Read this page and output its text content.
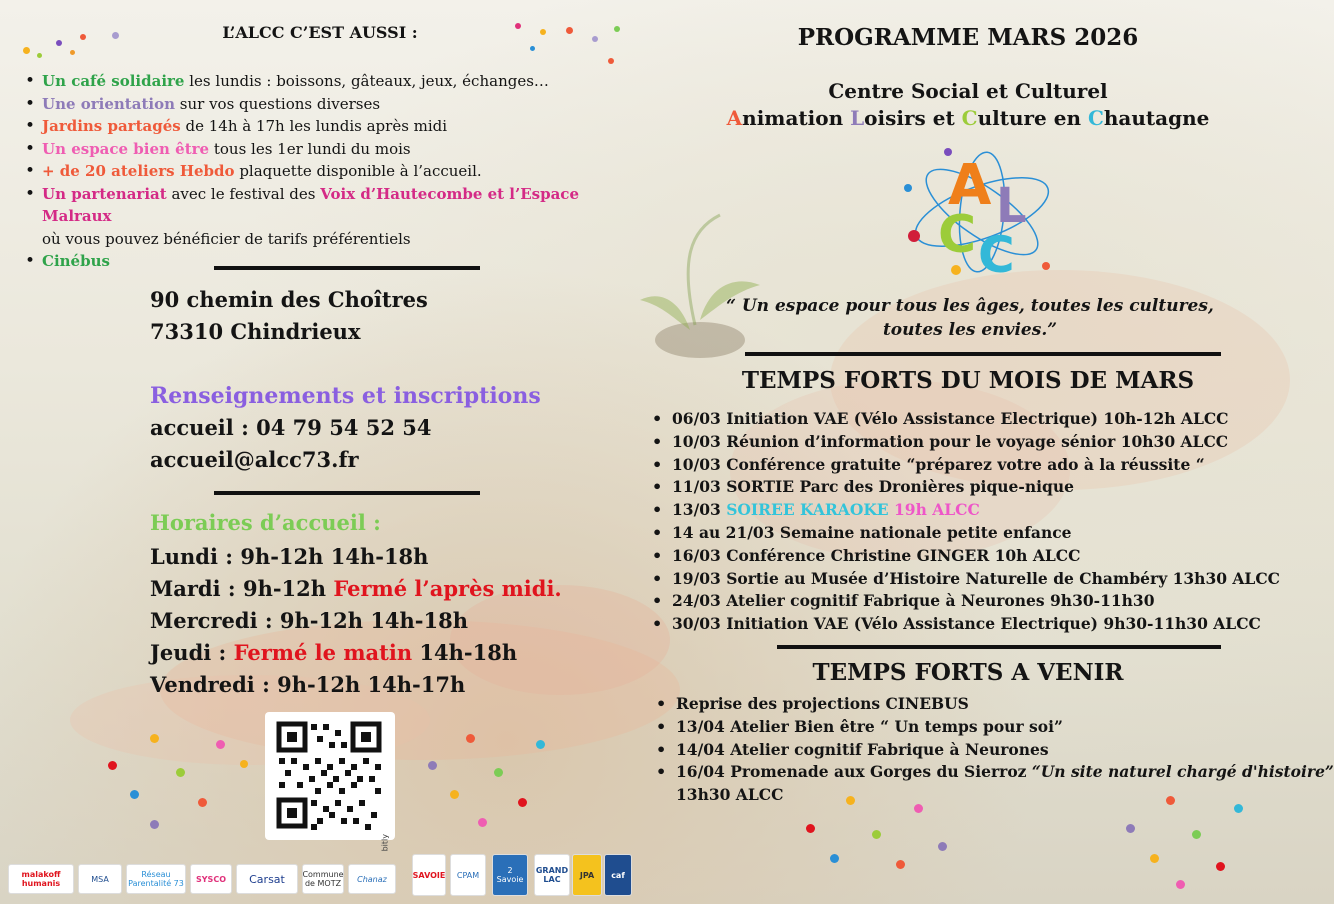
L’ALCC C’EST AUSSI :
• Un café solidaire les lundis : boissons, gâteaux, jeux, échanges…
• Une orientation sur vos questions diverses
• Jardins partagés de 14h à 17h les lundis après midi
• Un espace bien être tous les 1er lundi du mois
• + de 20 ateliers Hebdo plaquette disponible à l’accueil.
• Un partenariat avec le festival des Voix d’Hautecombe et l’Espace Malraux
où vous pouvez bénéficier de tarifs préférentiels
• Cinébus
90 chemin des Choîtres
73310 Chindrieux
Renseignements et inscriptions
accueil : 04 79 54 52 54
accueil@alcc73.fr
Horaires d’accueil :
Lundi : 9h-12h 14h-18h
Mardi : 9h-12h Fermé l’après midi.
Mercredi : 9h-12h 14h-18h
Jeudi : Fermé le matin 14h-18h
Vendredi : 9h-12h 14h-17h
bitly
PROGRAMME MARS 2026
Centre Social et Culturel
Animation Loisirs et Culture en Chautagne
A L
C C
“ Un espace pour tous les âges, toutes les cultures,
toutes les envies.”
TEMPS FORTS DU MOIS DE MARS
• 06/03 Initiation VAE (Vélo Assistance Electrique) 10h-12h ALCC
• 10/03 Réunion d’information pour le voyage sénior 10h30 ALCC
• 10/03 Conférence gratuite “préparez votre ado à la réussite “
• 11/03 SORTIE Parc des Dronières pique-nique
• 13/03 SOIREE KARAOKE 19h ALCC
• 14 au 21/03 Semaine nationale petite enfance
• 16/03 Conférence Christine GINGER 10h ALCC
• 19/03 Sortie au Musée d’Histoire Naturelle de Chambéry 13h30 ALCC
• 24/03 Atelier cognitif Fabrique à Neurones 9h30-11h30
• 30/03 Initiation VAE (Vélo Assistance Electrique) 9h30-11h30 ALCC
TEMPS FORTS A VENIR
• Reprise des projections CINEBUS
• 13/04 Atelier Bien être “ Un temps pour soi”
• 14/04 Atelier cognitif Fabrique à Neurones
• 16/04 Promenade aux Gorges du Sierroz “Un site naturel chargé d'histoire”
13h30 ALCC
malakoff humanis	MSA	Réseau Parentalité 73	SYSCO	Carsat	Commune de MOTZ	Chanaz	SAVOIE	CPAM	2 Savoie
GRAND LAC	JPA	caf
